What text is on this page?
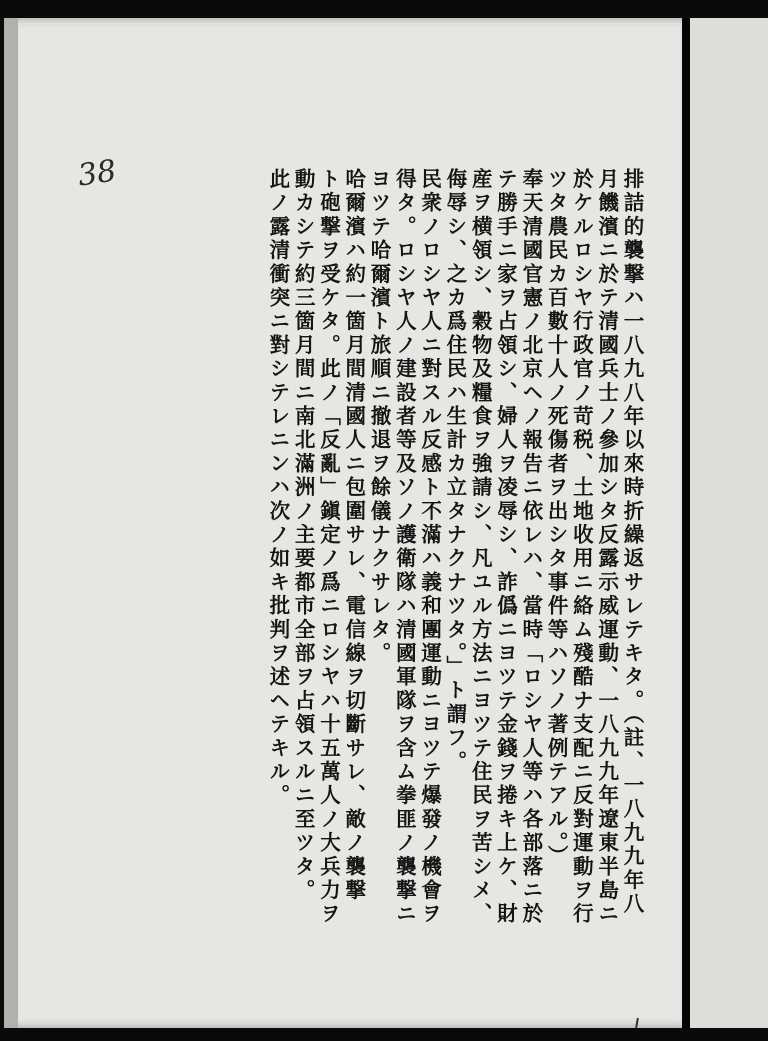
38	排詰的襲撃ハ一八九八年以來時折繰返サレテキタ。（註、一八九九年八
月饑濱ニ於テ清國兵士ノ參加シタ反露示威運動、一八九九年遼東半島ニ
於ケルロシヤ行政官ノ苛税、土地收用ニ絡ム殘酷ナ支配ニ反對運動ヲ行
ツタ農民カ百數十人ノ死傷者ヲ出シタ事件等ハソノ著例テアル。）
奉天清國官憲ノ北京ヘノ報告ニ依レハ、當時「ロシヤ人等ハ各部落ニ於
テ勝手ニ家ヲ占領シ、婦人ヲ凌辱シ、詐僞ニヨツテ金錢ヲ捲キ上ケ、財
産ヲ横領シ、穀物及糧食ヲ強請シ、凡ユル方法ニヨツテ住民ヲ苦シメ、
侮辱シ、之カ爲住民ハ生計カ立タナクナツタ。」ト謂フ。
民衆ノロシヤ人ニ對スル反感ト不滿ハ義和團運動ニヨツテ爆發ノ機會ヲ
得タ。ロシヤ人ノ建設者等及ソノ護衛隊ハ清國軍隊ヲ含ム拳匪ノ襲撃ニ
ヨツテ哈爾濱ト旅順ニ撤退ヲ餘儀ナクサレタ。
哈爾濱ハ約一箇月間清國人ニ包圍サレ、電信線ヲ切斷サレ、敵ノ襲撃
ト砲撃ヲ受ケタ。此ノ「反亂」鎭定ノ爲ニロシヤハ十五萬人ノ大兵力ヲ
動カシテ約三箇月間ニ南北滿洲ノ主要都市全部ヲ占領スルニ至ツタ。
此ノ露清衝突ニ對シテレニンハ次ノ如キ批判ヲ述ヘテキル。
